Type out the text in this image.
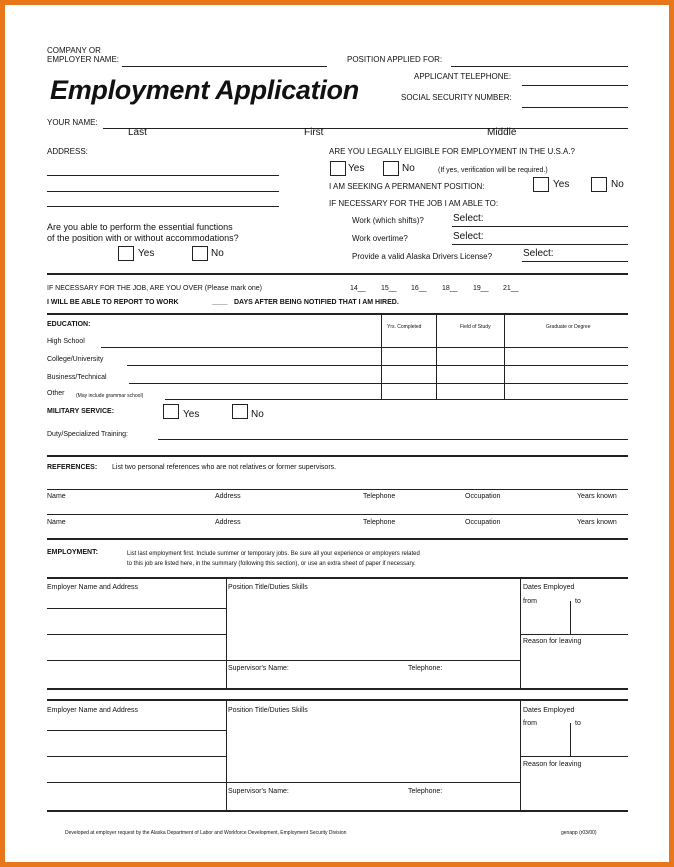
COMPANY OR
EMPLOYER NAME:	POSITION APPLIED FOR:
APPLICANT TELEPHONE:
SOCIAL SECURITY NUMBER:
Employment Application
YOUR NAME:
Last	First	Middle
ADDRESS:	ARE YOU LEGALLY ELIGIBLE FOR EMPLOYMENT IN THE U.S.A.?
Yes	No	(If yes, verification will be required.)
I AM SEEKING A PERMANENT POSITION:	Yes	No
IF NECESSARY FOR THE JOB I AM ABLE TO:
Work (which shifts)?	Select:
Work overtime?	Select:
Provide a valid Alaska Drivers License?	Select:
Are you able to perform the essential functions
of the position with or without accommodations?
Yes	No
IF NECESSARY FOR THE JOB, ARE YOU OVER (Please mark one)	14__ 15__ 16__ 18__ 19__ 21__
I WILL BE ABLE TO REPORT TO WORK	____ DAYS AFTER BEING NOTIFIED THAT I AM HIRED.
EDUCATION:	Yrs. Completed	Field of Study	Graduate or Degree
High School
College/University
Business/Technical
Other (May include grammar school)
MILITARY SERVICE:	Yes	No
Duty/Specialized Training:
REFERENCES: List two personal references who are not relatives or former supervisors.
Name	Address	Telephone	Occupation	Years known
Name	Address	Telephone	Occupation	Years known
EMPLOYMENT:	List last employment first. Include summer or temporary jobs. Be sure all your experience or employers related
to this job are listed here, in the summary (following this section), or use an extra sheet of paper if necessary.
Employer Name and Address	Position Title/Duties Skills	Dates Employed
from	to
Reason for leaving
Supervisor's Name:	Telephone:
Employer Name and Address	Position Title/Duties Skills	Dates Employed
from	to
Reason for leaving
Supervisor's Name:	Telephone:
Developed at employer request by the Alaska Department of Labor and Workforce Development, Employment Security Division	genapp (r03/00)
